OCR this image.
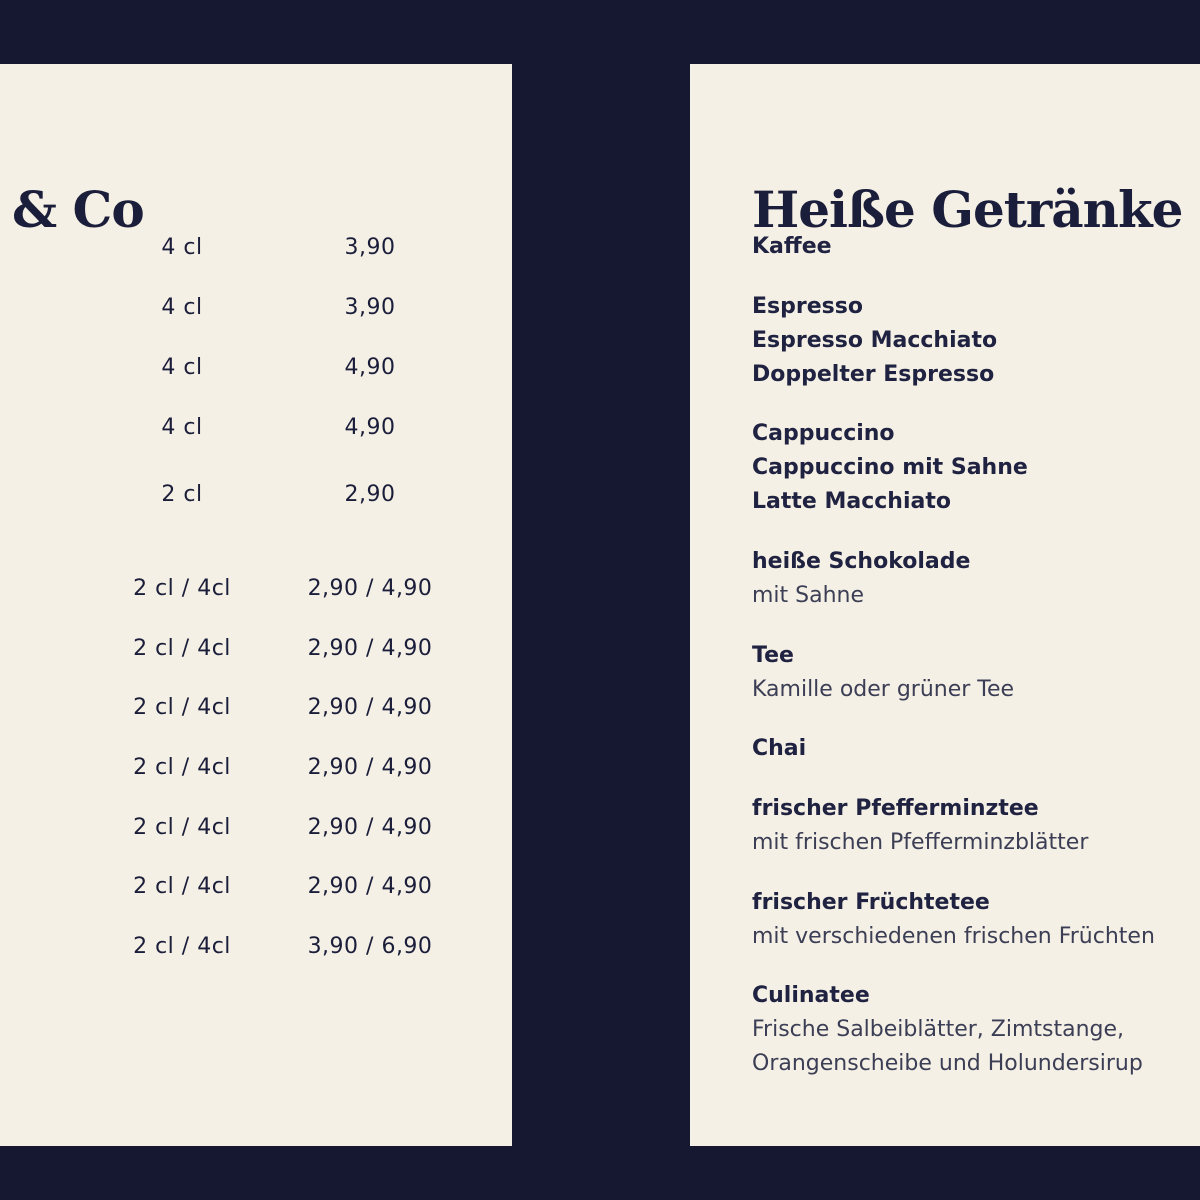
& Co
4 cl	3,90
4 cl	3,90
4 cl	4,90
4 cl	4,90
2 cl	2,90
2 cl / 4cl	2,90 / 4,90
2 cl / 4cl	2,90 / 4,90
2 cl / 4cl	2,90 / 4,90
2 cl / 4cl	2,90 / 4,90
2 cl / 4cl	2,90 / 4,90
2 cl / 4cl	2,90 / 4,90
2 cl / 4cl	3,90 / 6,90
Heiße Getränke
Kaffee
Espresso
Espresso Macchiato
Doppelter Espresso
Cappuccino
Cappuccino mit Sahne
Latte Macchiato
heiße Schokolade
mit Sahne
Tee
Kamille oder grüner Tee
Chai
frischer Pfefferminztee
mit frischen Pfefferminzblätter
frischer Früchtetee
mit verschiedenen frischen Früchten
Culinatee
Frische Salbeiblätter, Zimtstange,
Orangenscheibe und Holundersirup
